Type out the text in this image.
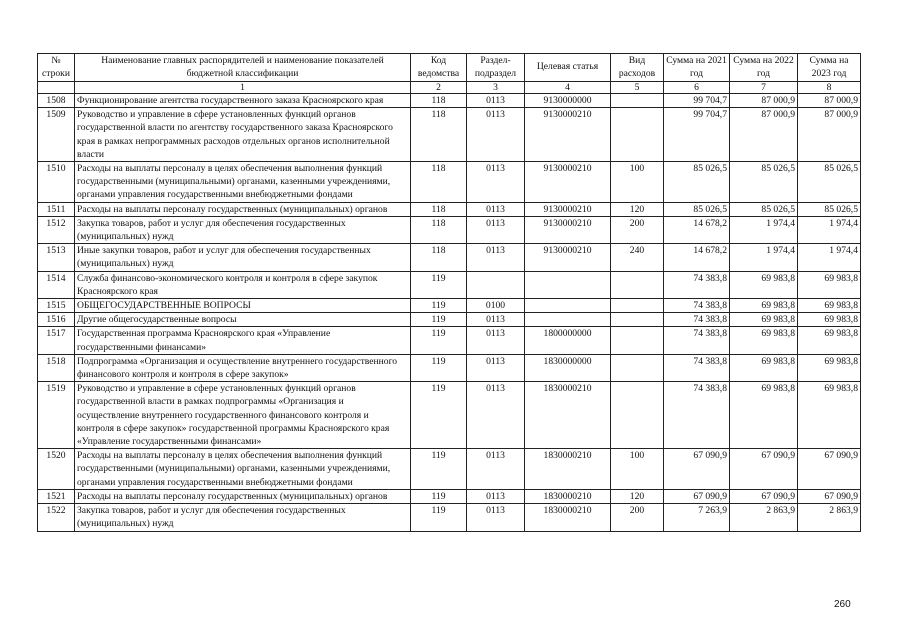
№ строки	Наименование главных распорядителей и наименование показателей бюджетной классификации	Код ведомства	Раздел-подраздел	Целевая статья	Вид расходов	Сумма на 2021 год	Сумма на 2022 год	Сумма на 2023 год
	1	2	3	4	5	6	7	8
1508	Функционирование агентства государственного заказа Красноярского края	118	0113	9130000000		99 704,7	87 000,9	87 000,9
1509	Руководство и управление в сфере установленных функций органов государственной власти по агентству государственного заказа Красноярского края в рамках непрограммных расходов отдельных органов исполнительной власти	118	0113	9130000210		99 704,7	87 000,9	87 000,9
1510	Расходы на выплаты персоналу в целях обеспечения выполнения функций государственными (муниципальными) органами, казенными учреждениями, органами управления государственными внебюджетными фондами	118	0113	9130000210	100	85 026,5	85 026,5	85 026,5
1511	Расходы на выплаты персоналу государственных (муниципальных) органов	118	0113	9130000210	120	85 026,5	85 026,5	85 026,5
1512	Закупка товаров, работ и услуг для обеспечения государственных (муниципальных) нужд	118	0113	9130000210	200	14 678,2	1 974,4	1 974,4
1513	Иные закупки товаров, работ и услуг для обеспечения государственных (муниципальных) нужд	118	0113	9130000210	240	14 678,2	1 974,4	1 974,4
1514	Служба финансово-экономического контроля и контроля в сфере закупок Красноярского края	119				74 383,8	69 983,8	69 983,8
1515	ОБЩЕГОСУДАРСТВЕННЫЕ ВОПРОСЫ	119	0100			74 383,8	69 983,8	69 983,8
1516	Другие общегосударственные вопросы	119	0113			74 383,8	69 983,8	69 983,8
1517	Государственная программа Красноярского края «Управление государственными финансами»	119	0113	1800000000		74 383,8	69 983,8	69 983,8
1518	Подпрограмма «Организация и осуществление внутреннего государственного финансового контроля и контроля в сфере закупок»	119	0113	1830000000		74 383,8	69 983,8	69 983,8
1519	Руководство и управление в сфере установленных функций органов государственной власти в рамках подпрограммы «Организация и осуществление внутреннего государственного финансового контроля и контроля в сфере закупок» государственной программы Красноярского края «Управление государственными финансами»	119	0113	1830000210		74 383,8	69 983,8	69 983,8
1520	Расходы на выплаты персоналу в целях обеспечения выполнения функций государственными (муниципальными) органами, казенными учреждениями, органами управления государственными внебюджетными фондами	119	0113	1830000210	100	67 090,9	67 090,9	67 090,9
1521	Расходы на выплаты персоналу государственных (муниципальных) органов	119	0113	1830000210	120	67 090,9	67 090,9	67 090,9
1522	Закупка товаров, работ и услуг для обеспечения государственных (муниципальных) нужд	119	0113	1830000210	200	7 263,9	2 863,9	2 863,9
260
